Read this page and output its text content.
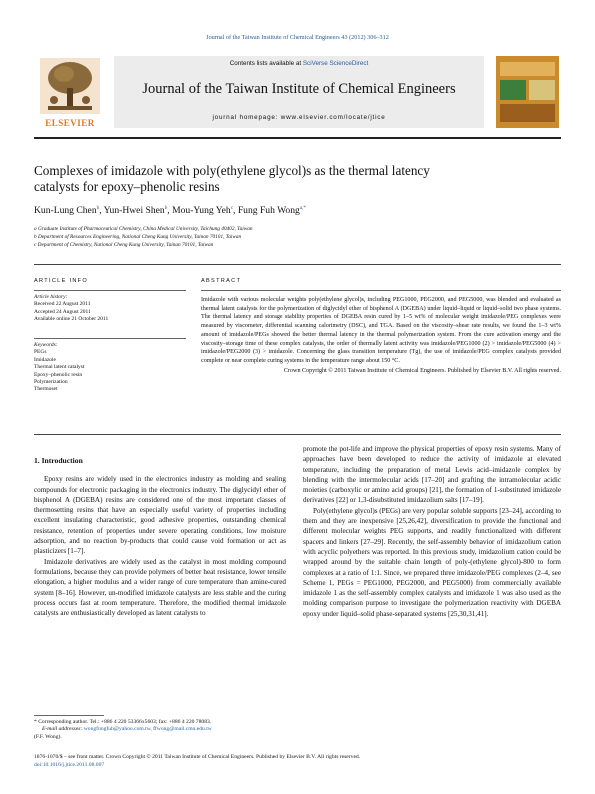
Journal of the Taiwan Institute of Chemical Engineers 43 (2012) 306–312
ELSEVIER
Contents lists available at SciVerse ScienceDirect
Journal of the Taiwan Institute of Chemical Engineers
journal homepage: www.elsevier.com/locate/jtice
Complexes of imidazole with poly(ethylene glycol)s as the thermal latency
catalysts for epoxy–phenolic resins
Kun-Lung Chen$^b$, Yun-Hwei Shen$^b$, Mou-Yung Yeh$^c$, Fung Fuh Wong$^{a,*}$
a Graduate Institute of Pharmaceutical Chemistry, China Medical University, Taichung 40402, Taiwan
b Department of Resources Engineering, National Cheng Kung University, Tainan 70101, Taiwan
c Department of Chemistry, National Cheng Kung University, Tainan 70101, Taiwan
ARTICLE INFO
Article history:
Received 22 August 2011
Accepted 24 August 2011
Available online 21 October 2011
Keywords:
PEGs
Imidazole
Thermal latent catalyst
Epoxy–phenolic resin
Polymerization
Thermoset
ABSTRACT
Imidazole with various molecular weights poly(ethylene glycol)s, including PEG1000, PEG2000, and PEG5000, was blended and evaluated as thermal latent catalysts for the polymerization of diglycidyl ether of bisphenol A (DGEBA) under liquid–liquid or liquid–solid two phase systems. The thermal latency and storage stability properties of DGEBA resin cured by 1–5 wt% of molecular weight imidazole/PEG complexes were measured by viscometer, differential scanning calorimetry (DSC), and TGA. Based on the viscosity–shear rate results, we found the 1–3 wt% amount of imidazole/PEGs showed the better thermal latency in the thermal polymerization system. From the cure activation energy and the viscosity–storage time of these complex catalysts, the order of thermally latent activity was imidazole/PEG1000 (2) > imidazole/PEG5000 (4) > imidazole/PEG2000 (3) > imidazole. Concerning the glass transition temperature (Tg), the use of imidazole/PEG complex catalysts provided complete or near complete curing systems in the temperature range about 150 °C.
Crown Copyright © 2011 Taiwan Institute of Chemical Engineers. Published by Elsevier B.V. All rights reserved.
1. Introduction

Epoxy resins are widely used in the electronics industry as molding and sealing compounds for electronic packaging in the electronics industry. The diglycidyl ether of bisphenol A (DGEBA) resins are considered one of the most important classes of thermosetting resins that have an especially useful variety of properties including excellent insulating characteristic, good adhesive properties, outstanding chemical resistance, retention of properties under severe operating conditions, low moisture adsorption, and no reaction by-products that could cause void formation or act as plasticizers [1–7].

Imidazole derivatives are widely used as the catalyst in most molding compound formulations, because they can provide polymers of better heat resistance, lower tensile elongation, a higher modulus and a wider range of cure temperature than amine-cured system [8–16]. However, un-modified imidazole catalysts are less stable and the curing process occurs fast at room temperature. Therefore, the modified thermal imidazole catalysts are enthusiastically developed as latent catalysts to

promote the pot-life and improve the physical properties of epoxy resin systems. Many of approaches have been developed to reduce the activity of imidazole at elevated temperature, including the preparation of metal Lewis acid–imidazole complex by blending with the intermolecular acids [17–20] and grafting the intramolecular acidic moieties (carboxylic or amino acid groups) [21], the formation of 1-substituted imidazole derivatives [22] or 1,3-disubstituted imidazolium salts [17–19].

Poly(ethylene glycol)s (PEGs) are very popular soluble supports [23–24], according to them and they are inexpensive [25,26,42], diversification to provide the functional and different molecular weights PEG supports, and readily functionalized with different spacers and linkers [27–29]. Recently, the self-assembly behavior of imidazolium cation with acyclic polyethers was reported. In this previous study, imidazolium cation could be wrapped around by the suitable chain length of poly-(ethylene glycol)-800 to form complexes at a ratio of 1:1. Since, we prepared three imidazole/PEG complexes (2–4, see Scheme 1, PEGs = PEG1000, PEG2000, and PEG5000) from commercially available imidazole 1 as the self-assembly complex catalysts and imidazole 1 was also used as the molding comparison purpose to investigate the polymerization reactivity with DGEBA epoxy under liquid–solid phase-separated systems [25,30,31,41].

* Corresponding author. Tel.: +886 4 220 53366x5603; fax: +886 4 220 78083.
E-mail addresses: wongfungfuh@yahoo.com.tw, ffwong@mail.cmu.edu.tw
(F.F. Wong).
1876-1070/$ – see front matter. Crown Copyright © 2011 Taiwan Institute of Chemical Engineers. Published by Elsevier B.V. All rights reserved.
doi:10.1016/j.jtice.2011.08.007
